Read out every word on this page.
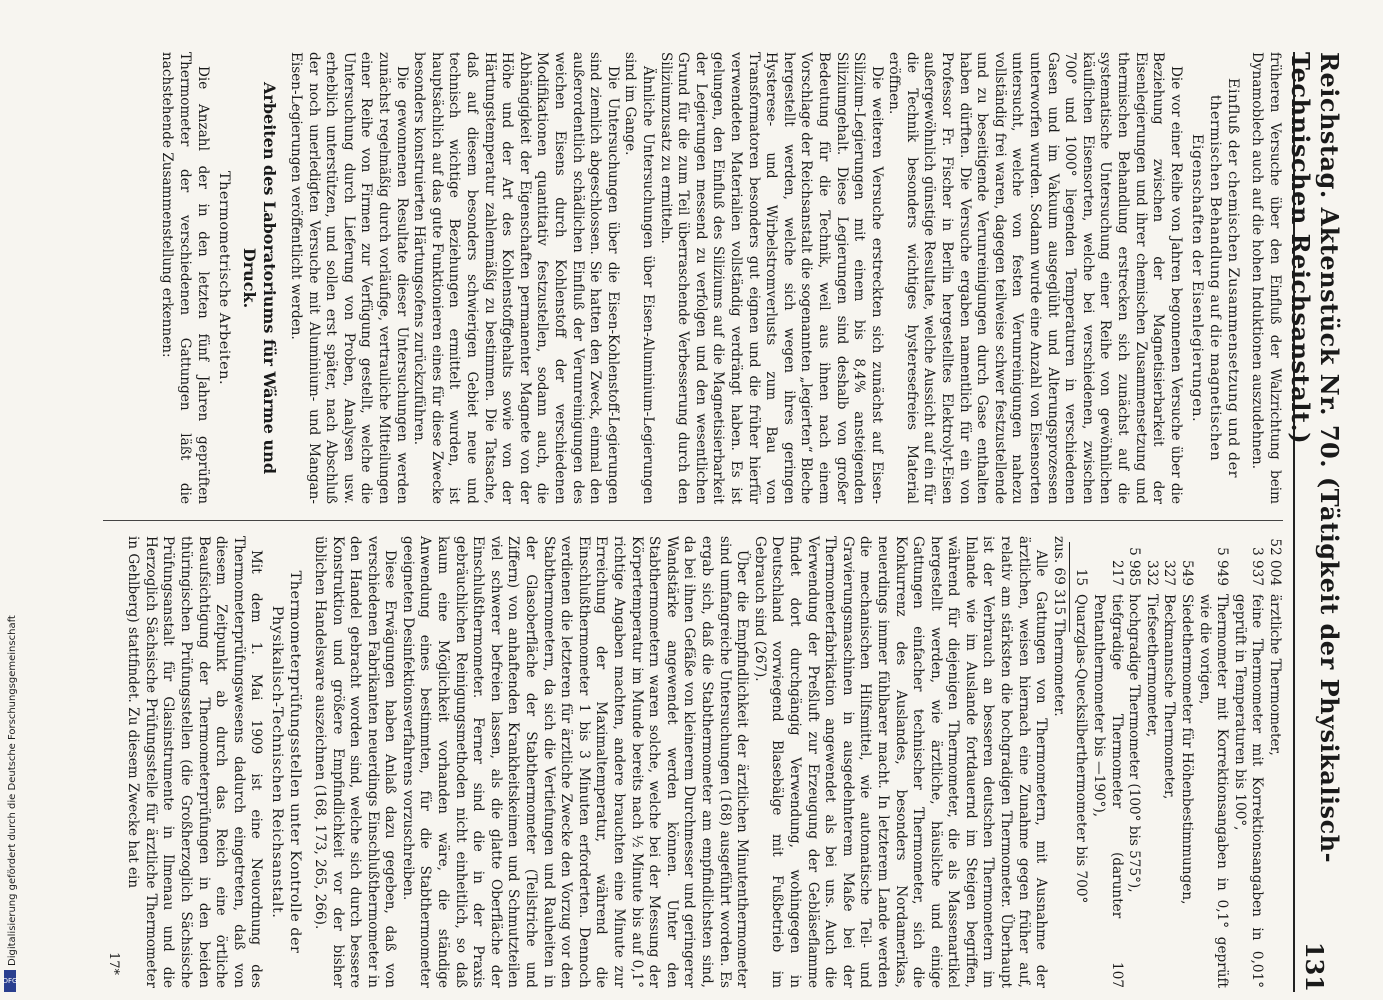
Reichstag. Aktenstück Nr. 70. (Tätigkeit der Physikalisch-Technischen Reichsanstalt.)
131

früheren Versuche über den Einfluß der Walzrichtung beim Dynamoblech auch auf die hohen Induktionen auszudehnen.

Einfluß der chemischen Zusammensetzung und der thermischen Behandlung auf die magnetischen Eigenschaften der Eisenlegierungen.

Die vor einer Reihe von Jahren begonnenen Versuche über die Beziehung zwischen der Magnetisierbarkeit der Eisenlegierungen und ihrer chemischen Zusammensetzung und thermischen Behandlung erstrecken sich zunächst auf die systematische Untersuchung einer Reihe von gewöhnlichen käuflichen Eisensorten, welche bei verschiedenen, zwischen 700° und 1000° liegenden Temperaturen in verschiedenen Gasen und im Vakuum ausgeglüht und Alterungsprozessen unterworfen wurden. Sodann wurde eine Anzahl von Eisensorten untersucht, welche von festen Verunreinigungen nahezu vollständig frei waren, dagegen teilweise schwer festzustellende und zu beseitigende Verunreinigungen durch Gase enthalten haben dürften. Die Versuche ergaben namentlich für ein von Professor Fr. Fischer in Berlin hergestelltes Elektrolyt-Eisen außergewöhnlich günstige Resultate, welche Aussicht auf ein für die Technik besonders wichtiges hysteresefreies Material eröffnen.

Die weiteren Versuche erstreckten sich zunächst auf Eisen-Silizium-Legierungen mit einem bis 8,4% ansteigenden Siliziumgehalt. Diese Legierungen sind deshalb von großer Bedeutung für die Technik, weil aus ihnen nach einem Vorschlage der Reichsanstalt die sogenannten „legierten“ Bleche hergestellt werden, welche sich wegen ihres geringen Hysterese- und Wirbelstromverlusts zum Bau von Transformatoren besonders gut eignen und die früher hierfür verwendeten Materialien vollständig verdrängt haben. Es ist gelungen, den Einfluß des Siliziums auf die Magnetisierbarkeit der Legierungen messend zu verfolgen und den wesentlichen Grund für die zum Teil überraschende Verbesserung durch den Siliziumzusatz zu ermitteln.

Ähnliche Untersuchungen über Eisen-Aluminium-Legierungen sind im Gange.

Die Untersuchungen über die Eisen-Kohlenstoff-Legierungen sind ziemlich abgeschlossen. Sie hatten den Zweck, einmal den außerordentlich schädlichen Einfluß der Verunreinigungen des weichen Eisens durch Kohlenstoff der verschiedenen Modifikationen quantitativ festzustellen, sodann auch, die Abhängigkeit der Eigenschaften permanenter Magnete von der Höhe und der Art des Kohlenstoffgehalts sowie von der Härtungstemperatur zahlenmäßig zu bestimmen. Die Tatsache, daß auf diesem besonders schwierigen Gebiet neue und technisch wichtige Beziehungen ermittelt wurden, ist hauptsächlich auf das gute Funktionieren eines für diese Zwecke besonders konstruierten Härtungsofens zurückzuführen.

Die gewonnenen Resultate dieser Untersuchungen werden zunächst regelmäßig durch vorläufige, vertrauliche Mitteilungen einer Reihe von Firmen zur Verfügung gestellt, welche die Untersuchung durch Lieferung von Proben, Analysen usw. erheblich unterstützen, und sollen erst später, nach Abschluß der noch unerledigten Versuche mit Aluminium- und Mangan-Eisen-Legierungen veröffentlicht werden.

Arbeiten des Laboratoriums für Wärme und Druck.
Thermometrische Arbeiten.

Die Anzahl der in den letzten fünf Jahren geprüften Thermometer der verschiedenen Gattungen läßt die nachstehende Zusammenstellung erkennen:

52 004
ärztliche Thermometer,
3 937
feine Thermometer mit Korrektionsangaben in 0,01° geprüft in Temperaturen bis 100°,
5 949
Thermometer mit Korrektionsangaben in 0,1° geprüft wie die vorigen,
549
Siedethermometer für Höhenbestimmungen,
327
Beckmannsche Thermometer,
332
Tiefseethermometer,
5 985
hochgradige Thermometer (100° bis 575°),
217
tiefgradige Thermometer (darunter 107 Pentanthermometer bis —190°),
15
Quarzglas-Quecksilberthermometer bis 700°

zus. 69 315 Thermometer.

Alle Gattungen von Thermometern, mit Ausnahme der ärztlichen, weisen hiernach eine Zunahme gegen früher auf, relativ am stärksten die hochgradigen Thermometer. Überhaupt ist der Verbrauch an besseren deutschen Thermometern im Inlande wie im Auslande fortdauernd im Steigen begriffen, während für diejenigen Thermometer, die als Massenartikel hergestellt werden, wie ärztliche, häusliche und einige Gattungen einfacher technischer Thermometer, sich die Konkurrenz des Auslandes, besonders Nordamerikas, neuerdings immer fühlbarer macht. In letzterem Lande werden die mechanischen Hilfsmittel, wie automatische Teil- und Gravierungsmaschinen in ausgedehnterem Maße bei der Thermometerfabrikation angewendet als bei uns. Auch die Verwendung der Preßluft zur Erzeugung der Gebläseflamme findet dort durchgängig Verwendung, wohingegen in Deutschland vorwiegend Blasebälge mit Fußbetrieb im Gebrauch sind (267).

Über die Empfindlichkeit der ärztlichen Minutenthermometer sind umfangreiche Untersuchungen (168) ausgeführt worden. Es ergab sich, daß die Stabthermometer am empfindlichsten sind, da bei ihnen Gefäße von kleinerem Durchmesser und geringerer Wandstärke angewendet werden können. Unter den Stabthermometern waren solche, welche bei der Messung der Körpertemperatur im Munde bereits nach ½ Minute bis auf 0,1° richtige Angaben machten, andere brauchten eine Minute zur Erreichung der Maximaltemperatur, während die Einschlußthermometer 1 bis 3 Minuten erforderten. Dennoch verdienen die letzteren für ärztliche Zwecke den Vorzug vor den Stabthermometern, da sich die Vertiefungen und Rauheiten in der Glasoberfläche der Stabthermometer (Teilstriche und Ziffern) von anhaftenden Krankheitskeimen und Schmutzteilen viel schwerer befreien lassen, als die glatte Oberfläche der Einschlußthermometer. Ferner sind die in der Praxis gebräuchlichen Reinigungsmethoden nicht einheitlich, so daß kaum eine Möglichkeit vorhanden wäre, die ständige Anwendung eines bestimmten, für die Stabthermometer geeigneten Desinfektionsverfahrens vorzuschreiben.

Diese Erwägungen haben Anlaß dazu gegeben, daß von verschiedenen Fabrikanten neuerdings Einschlußthermometer in den Handel gebracht worden sind, welche sich durch bessere Konstruktion und größere Empfindlichkeit vor der bisher üblichen Handelsware auszeichnen (168, 173, 265, 266).

Thermometerprüfungsstellen unter Kontrolle der Physikalisch-Technischen Reichsanstalt.

Mit dem 1. Mai 1909 ist eine Neuordnung des Thermometerprüfungswesens dadurch eingetreten, daß von diesem Zeitpunkt ab durch das Reich eine örtliche Beaufsichtigung der Thermometerprüfungen in den beiden thüringischen Prüfungsstellen (die Großherzoglich Sächsische Prüfungsanstalt für Glasinstrumente in Ilmenau und die Herzoglich Sächsische Prüfungsstelle für ärztliche Thermometer in Gehlberg) stattfindet. Zu diesem Zwecke hat ein

17*
Digitalisierung gefördert durch die Deutsche Forschungsgemeinschaft
DFG
